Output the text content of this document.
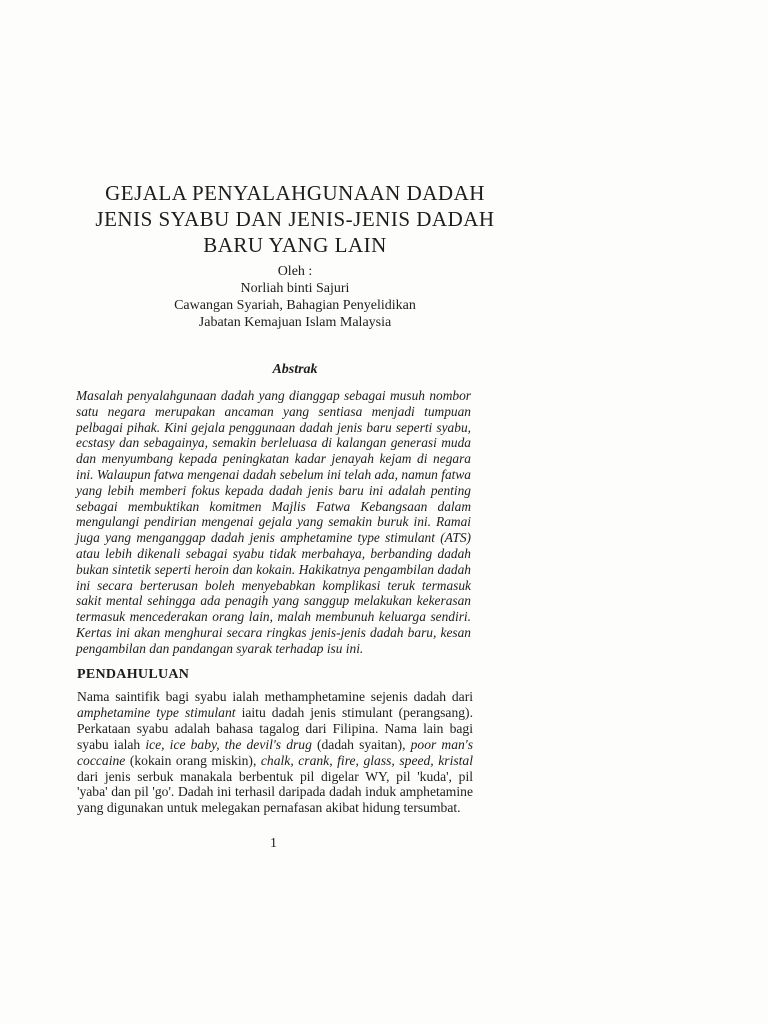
GEJALA PENYALAHGUNAAN DADAH
JENIS SYABU DAN JENIS-JENIS DADAH
BARU YANG LAIN
Oleh :
Norliah binti Sajuri
Cawangan Syariah, Bahagian Penyelidikan
Jabatan Kemajuan Islam Malaysia
Abstrak

Masalah penyalahgunaan dadah yang dianggap sebagai musuh nombor satu negara merupakan ancaman yang sentiasa menjadi tumpuan pelbagai pihak. Kini gejala penggunaan dadah jenis baru seperti syabu, ecstasy dan sebagainya, semakin berleluasa di kalangan generasi muda dan menyumbang kepada peningkatan kadar jenayah kejam di negara ini. Walaupun fatwa mengenai dadah sebelum ini telah ada, namun fatwa yang lebih memberi fokus kepada dadah jenis baru ini adalah penting sebagai membuktikan komitmen Majlis Fatwa Kebangsaan dalam mengulangi pendirian mengenai gejala yang semakin buruk ini. Ramai juga yang menganggap dadah jenis amphetamine type stimulant (ATS) atau lebih dikenali sebagai syabu tidak merbahaya, berbanding dadah bukan sintetik seperti heroin dan kokain. Hakikatnya pengambilan dadah ini secara berterusan boleh menyebabkan komplikasi teruk termasuk sakit mental sehingga ada penagih yang sanggup melakukan kekerasan termasuk mencederakan orang lain, malah membunuh keluarga sendiri. Kertas ini akan menghurai secara ringkas jenis-jenis dadah baru, kesan pengambilan dan pandangan syarak terhadap isu ini.

PENDAHULUAN

Nama saintifik bagi syabu ialah methamphetamine sejenis dadah dari amphetamine type stimulant iaitu dadah jenis stimulant (perangsang). Perkataan syabu adalah bahasa tagalog dari Filipina. Nama lain bagi syabu ialah ice, ice baby, the devil's drug (dadah syaitan), poor man's coccaine (kokain orang miskin), chalk, crank, fire, glass, speed, kristal dari jenis serbuk manakala berbentuk pil digelar WY, pil 'kuda', pil 'yaba' dan pil 'go'. Dadah ini terhasil daripada dadah induk amphetamine yang digunakan untuk melegakan pernafasan akibat hidung tersumbat.

1
